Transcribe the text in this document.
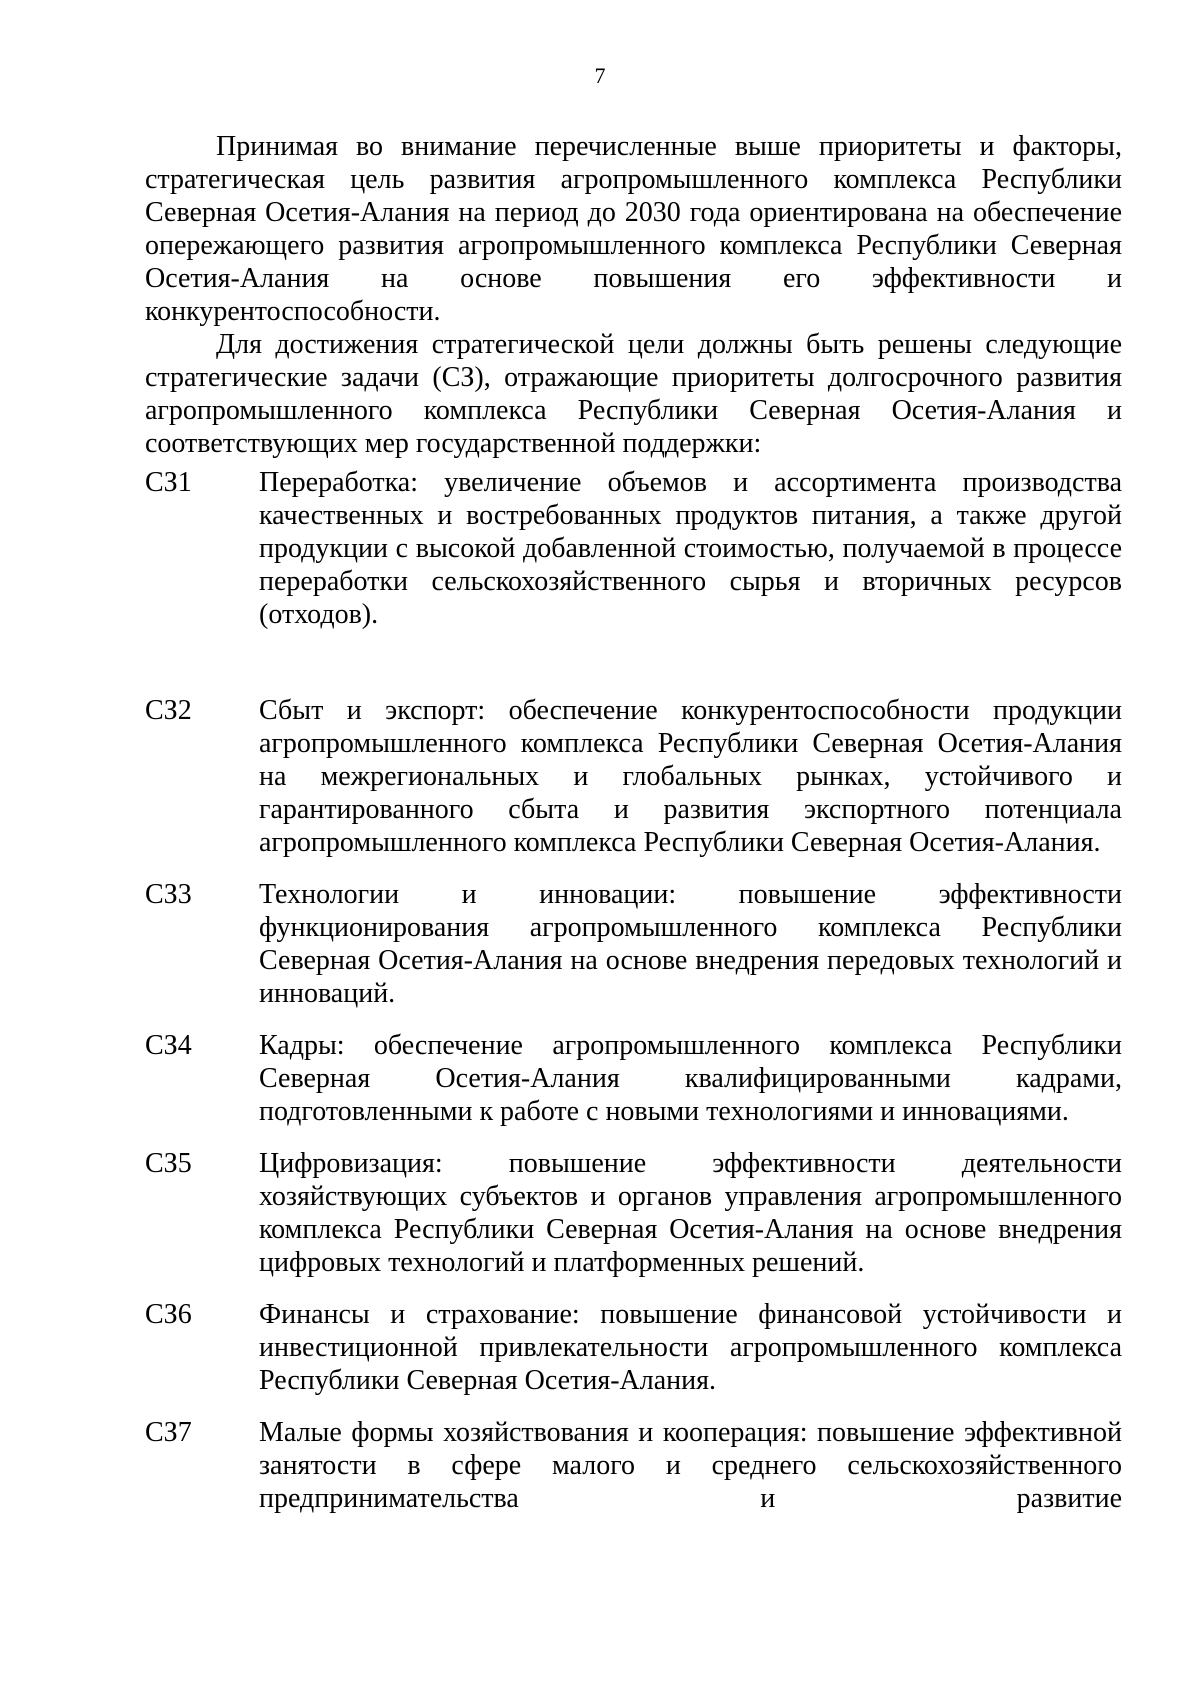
7

Принимая во внимание перечисленные выше приоритеты и факторы, стратегическая цель развития агропромышленного комплекса Республики Северная Осетия-Алания на период до 2030 года ориентирована на обеспечение опережающего развития агропромышленного комплекса Республики Северная Осетия-Алания на основе повышения его эффективности и конкурентоспособности.

Для достижения стратегической цели должны быть решены следующие стратегические задачи (СЗ), отражающие приоритеты долгосрочного развития агропромышленного комплекса Республики Северная Осетия-Алания и соответствующих мер государственной поддержки:

СЗ1	Переработка: увеличение объемов и ассортимента производства качественных и востребованных продуктов питания, а также другой продукции с высокой добавленной стоимостью, получаемой в процессе переработки сельскохозяйственного сырья и вторичных ресурсов (отходов).
СЗ2	Сбыт и экспорт: обеспечение конкурентоспособности продукции агропромышленного комплекса Республики Северная Осетия-Алания на межрегиональных и глобальных рынках, устойчивого и гарантированного сбыта и развития экспортного потенциала агропромышленного комплекса Республики Северная Осетия-Алания.
СЗ3	Технологии и инновации: повышение эффективности функционирования агропромышленного комплекса Республики Северная Осетия-Алания на основе внедрения передовых технологий и инноваций.
СЗ4	Кадры: обеспечение агропромышленного комплекса Республики Северная Осетия-Алания квалифицированными кадрами, подготовленными к работе с новыми технологиями и инновациями.
СЗ5	Цифровизация: повышение эффективности деятельности хозяйствующих субъектов и органов управления агропромышленного комплекса Республики Северная Осетия-Алания на основе внедрения цифровых технологий и платформенных решений.
СЗ6	Финансы и страхование: повышение финансовой устойчивости и инвестиционной привлекательности агропромышленного комплекса Республики Северная Осетия-Алания.
СЗ7	Малые формы хозяйствования и кооперация: повышение эффективной занятости в сфере малого и среднего сельскохозяйственного предпринимательства и развитие
